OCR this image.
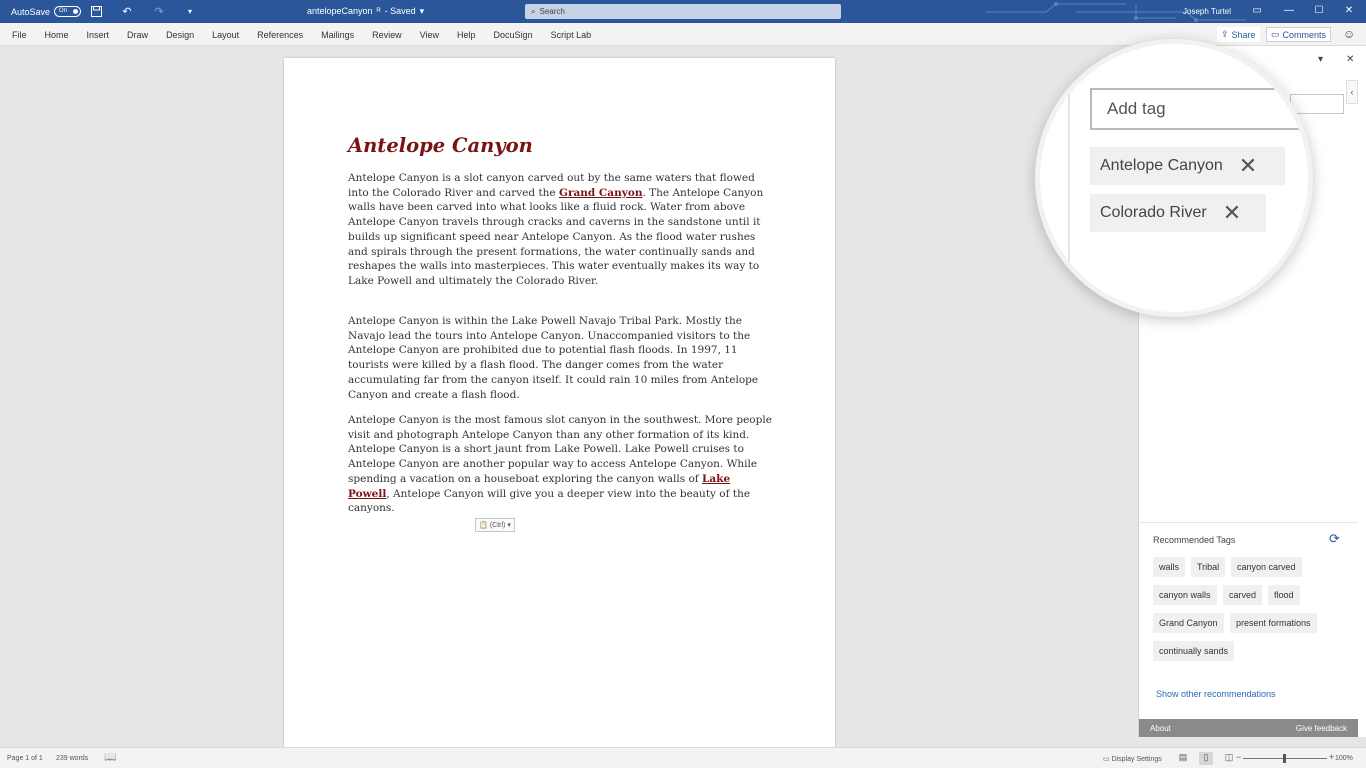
AutoSave	On	↶ ↷	▾	antelopeCanyon ᴿ - Saved ▾	⌕ Search	Joseph Turtel ▭ — ☐ ✕
File Home Insert Draw Design Layout References Mailings Review View Help DocuSign Script Lab	⇪ Share ▭ Comments ☺
Antelope Canyon
Antelope Canyon is a slot canyon carved out by the same waters that flowed into the Colorado River and carved the Grand Canyon. The Antelope Canyon walls have been carved into what looks like a fluid rock. Water from above Antelope Canyon travels through cracks and caverns in the sandstone until it builds up significant speed near Antelope Canyon. As the flood water rushes and spirals through the present formations, the water continually sands and reshapes the walls into masterpieces. This water eventually makes its way to Lake Powell and ultimately the Colorado River.
Antelope Canyon is within the Lake Powell Navajo Tribal Park. Mostly the Navajo lead the tours into Antelope Canyon. Unaccompanied visitors to the Antelope Canyon are prohibited due to potential flash floods. In 1997, 11 tourists were killed by a flash flood. The danger comes from the water accumulating far from the canyon itself. It could rain 10 miles from Antelope Canyon and create a flash flood.
Antelope Canyon is the most famous slot canyon in the southwest. More people visit and photograph Antelope Canyon than any other formation of its kind. Antelope Canyon is a short jaunt from Lake Powell. Lake Powell cruises to Antelope Canyon are another popular way to access Antelope Canyon. While spending a vacation on a houseboat exploring the canyon walls of Lake Powell, Antelope Canyon will give you a deeper view into the beauty of the canyons.
📋 (Ctrl) ▾
▾ ✕
‹
Recommended Tags	⟳
walls	Tribal	canyon carved
canyon walls	carved	flood
Grand Canyon	present formations
continually sands
Show other recommendations
About	Give feedback
Add tag
Antelope Canyon ✕
Colorado River ✕
Page 1 of 1 239 words 📖	▭ Display Settings	▤	▯	◫ −	+ 100%
